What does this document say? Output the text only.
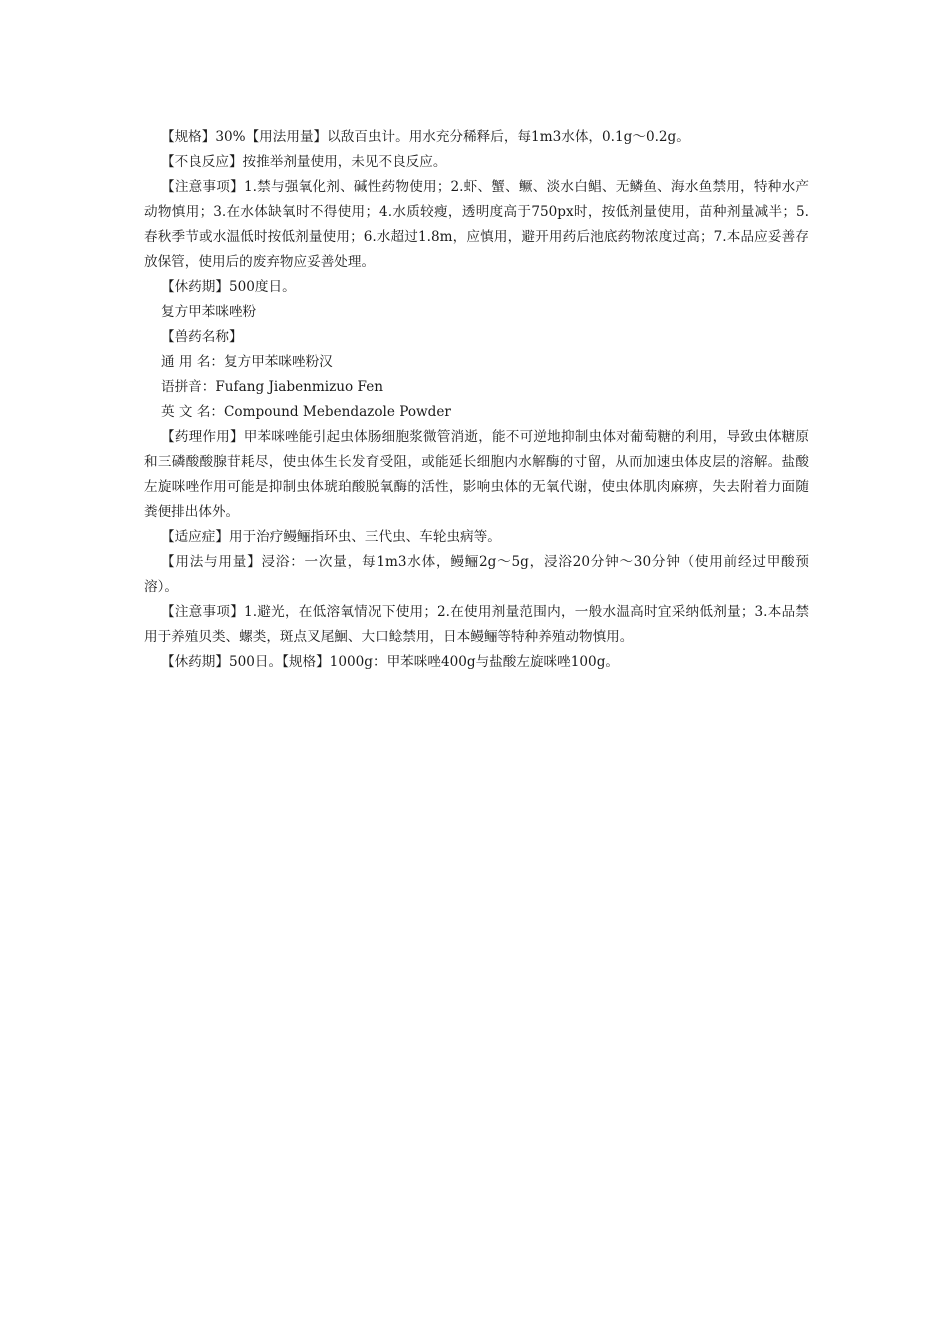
【规格】30%【用法用量】以敌百虫计。用水充分稀释后，每1m3水体，0.1g～0.2g。

【不良反应】按推举剂量使用，未见不良反应。

【注意事项】1.禁与强氧化剂、碱性药物使用；2.虾、蟹、鳜、淡水白鲳、无鳞鱼、海水鱼禁用，特种水产动物慎用；3.在水体缺氧时不得使用；4.水质较瘦，透明度高于750px时，按低剂量使用，苗种剂量减半；5.春秋季节或水温低时按低剂量使用；6.水超过1.8m，应慎用，避开用药后池底药物浓度过高；7.本品应妥善存放保管，使用后的废弃物应妥善处理。

【休药期】500度日。

复方甲苯咪唑粉

【兽药名称】

通 用 名：复方甲苯咪唑粉汉

语拼音：Fufang Jiabenmizuo Fen

英 文 名：Compound Mebendazole Powder

【药理作用】甲苯咪唑能引起虫体肠细胞浆微管消逝，能不可逆地抑制虫体对葡萄糖的利用，导致虫体糖原和三磷酸酸腺苷耗尽，使虫体生长发育受阻，或能延长细胞内水解酶的寸留，从而加速虫体皮层的溶解。盐酸左旋咪唑作用可能是抑制虫体琥珀酸脱氧酶的活性，影响虫体的无氧代谢，使虫体肌肉麻痹，失去附着力面随粪便排出体外。

【适应症】用于治疗鳗鲡指环虫、三代虫、车轮虫病等。

【用法与用量】浸浴：一次量，每1m3水体，鳗鲡2g～5g，浸浴20分钟～30分钟（使用前经过甲酸预溶）。

【注意事项】1.避光，在低溶氧情况下使用；2.在使用剂量范围内，一般水温高时宜采纳低剂量；3.本品禁用于养殖贝类、螺类，斑点叉尾鮰、大口鲶禁用，日本鳗鲡等特种养殖动物慎用。

【休药期】500日。【规格】1000g：甲苯咪唑400g与盐酸左旋咪唑100g。
